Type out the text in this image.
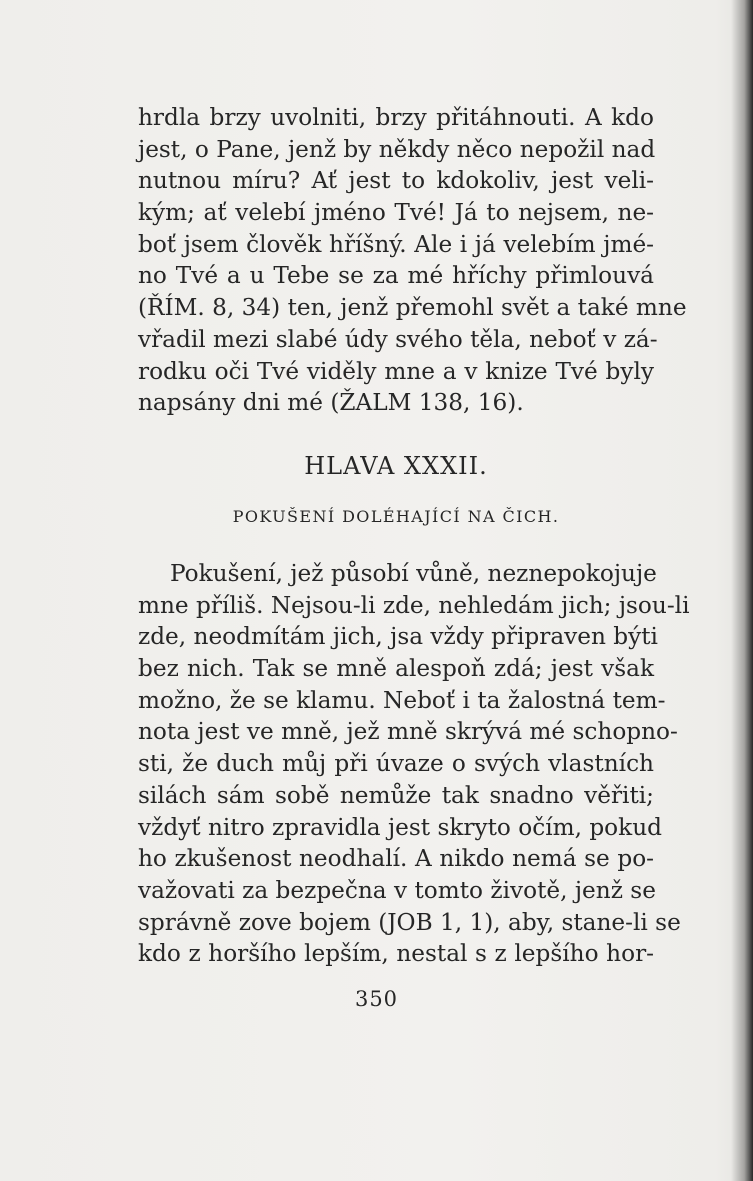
hrdla brzy uvolniti, brzy přitáhnouti. A kdo
jest, o Pane, jenž by někdy něco nepožil nad
nutnou míru? Ať jest to kdokoliv, jest veli-
kým; ať velebí jméno Tvé! Já to nejsem, ne-
boť jsem člověk hříšný. Ale i já velebím jmé-
no Tvé a u Tebe se za mé hříchy přimlouvá
(ŘÍM. 8, 34) ten, jenž přemohl svět a také mne
vřadil mezi slabé údy svého těla, neboť v zá-
rodku oči Tvé viděly mne a v knize Tvé byly
napsány dni mé (ŽALM 138, 16).
HLAVA XXXII.
POKUŠENÍ DOLÉHAJÍCÍ NA ČICH.
Pokušení, jež působí vůně, neznepokojuje
mne příliš. Nejsou-li zde, nehledám jich; jsou-li
zde, neodmítám jich, jsa vždy připraven býti
bez nich. Tak se mně alespoň zdá; jest však
možno, že se klamu. Neboť i ta žalostná tem-
nota jest ve mně, jež mně skrývá mé schopno-
sti, že duch můj při úvaze o svých vlastních
silách sám sobě nemůže tak snadno věřiti;
vždyť nitro zpravidla jest skryto očím, pokud
ho zkušenost neodhalí. A nikdo nemá se po-
važovati za bezpečna v tomto životě, jenž se
správně zove bojem (JOB 1, 1), aby, stane-li se
kdo z horšího lepším, nestal s z lepšího hor-
350
